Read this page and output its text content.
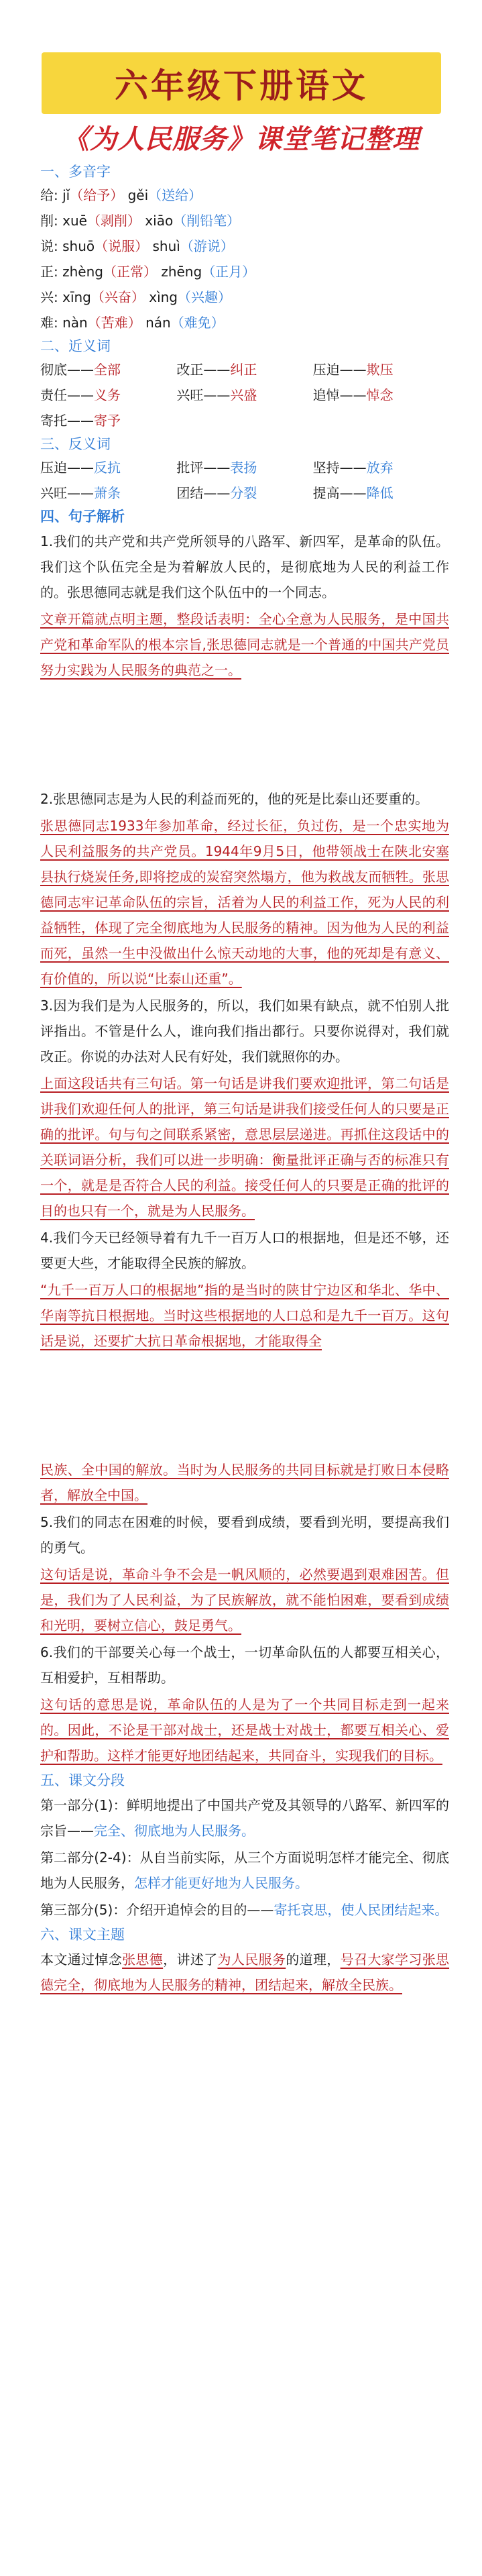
六年级下册语文
《为人民服务》课堂笔记整理
一、多音字
给: jǐ（给予） gěi（送给）
削: xuē（剥削） xiāo（削铅笔）
说: shuō（说服） shuì（游说）
正: zhèng（正常） zhēng（正月）
兴: xīng（兴奋） xìng（兴趣）
难: nàn（苦难） nán（难免）
二、近义词
彻底——全部	改正——纠正	压迫——欺压
责任——义务	兴旺——兴盛	追悼——悼念
寄托——寄予
三、反义词
压迫——反抗	批评——表扬	坚持——放弃
兴旺——萧条	团结——分裂	提高——降低
四、句子解析
1.我们的共产党和共产党所领导的八路军、新四军，是革命的队伍。我们这个队伍完全是为着解放人民的，是彻底地为人民的利益工作的。张思德同志就是我们这个队伍中的一个同志。
文章开篇就点明主题，整段话表明：全心全意为人民服务，是中国共产党和革命军队的根本宗旨,张思德同志就是一个普通的中国共产党员努力实践为人民服务的典范之一。
2.张思德同志是为人民的利益而死的，他的死是比泰山还要重的。
张思德同志1933年参加革命，经过长征，负过伤，是一个忠实地为人民利益服务的共产党员。1944年9月5日，他带领战士在陕北安塞县执行烧炭任务,即将挖成的炭窑突然塌方，他为救战友而牺牲。张思德同志牢记革命队伍的宗旨，活着为人民的利益工作，死为人民的利益牺牲，体现了完全彻底地为人民服务的精神。因为他为人民的利益而死，虽然一生中没做出什么惊天动地的大事，他的死却是有意义、有价值的，所以说“比泰山还重”。
3.因为我们是为人民服务的，所以，我们如果有缺点，就不怕别人批评指出。不管是什么人，谁向我们指出都行。只要你说得对，我们就改正。你说的办法对人民有好处，我们就照你的办。
上面这段话共有三句话。第一句话是讲我们要欢迎批评，第二句话是讲我们欢迎任何人的批评，第三句话是讲我们接受任何人的只要是正确的批评。句与句之间联系紧密，意思层层递进。再抓住这段话中的关联词语分析，我们可以进一步明确：衡量批评正确与否的标准只有一个，就是是否符合人民的利益。接受任何人的只要是正确的批评的目的也只有一个，就是为人民服务。
4.我们今天已经领导着有九千一百万人口的根据地，但是还不够，还要更大些，才能取得全民族的解放。
“九千一百万人口的根据地”指的是当时的陕甘宁边区和华北、华中、华南等抗日根据地。当时这些根据地的人口总和是九千一百万。这句话是说，还要扩大抗日革命根据地，才能取得全
民族、全中国的解放。当时为人民服务的共同目标就是打败日本侵略者，解放全中国。
5.我们的同志在困难的时候，要看到成绩，要看到光明，要提高我们的勇气。
这句话是说，革命斗争不会是一帆风顺的，必然要遇到艰难困苦。但是，我们为了人民利益，为了民族解放，就不能怕困难，要看到成绩和光明，要树立信心，鼓足勇气。
6.我们的干部要关心每一个战士，一切革命队伍的人都要互相关心，互相爱护，互相帮助。
这句话的意思是说，革命队伍的人是为了一个共同目标走到一起来的。因此，不论是干部对战士，还是战士对战士，都要互相关心、爱护和帮助。这样才能更好地团结起来，共同奋斗，实现我们的目标。
五、课文分段
第一部分(1)：鲜明地提出了中国共产党及其领导的八路军、新四军的宗旨——完全、彻底地为人民服务。
第二部分(2-4)：从自当前实际，从三个方面说明怎样才能完全、彻底地为人民服务，怎样才能更好地为人民服务。
第三部分(5)：介绍开追悼会的目的——寄托哀思，使人民团结起来。
六、课文主题
本文通过悼念张思德，讲述了为人民服务的道理，号召大家学习张思德完全，彻底地为人民服务的精神，团结起来，解放全民族。
